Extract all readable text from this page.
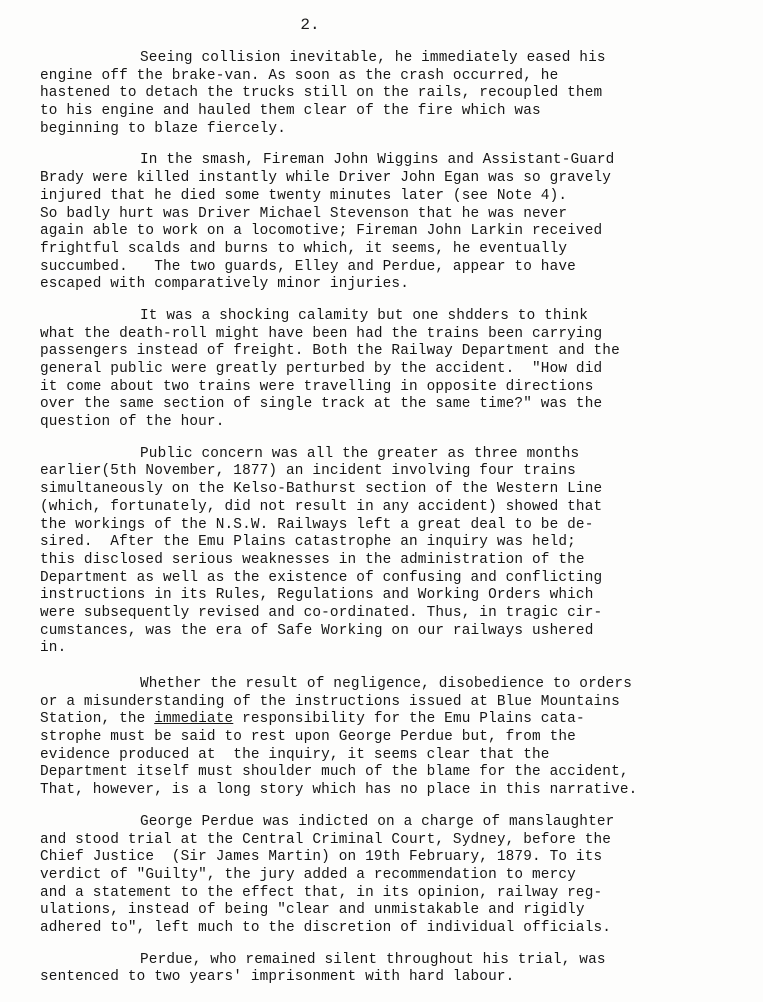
2.
Seeing collision inevitable, he immediately eased his
engine off the brake-van. As soon as the crash occurred, he
hastened to detach the trucks still on the rails, recoupled them
to his engine and hauled them clear of the fire which was
beginning to blaze fiercely.
In the smash, Fireman John Wiggins and Assistant-Guard
Brady were killed instantly while Driver John Egan was so gravely
injured that he died some twenty minutes later (see Note 4).
So badly hurt was Driver Michael Stevenson that he was never
again able to work on a locomotive; Fireman John Larkin received
frightful scalds and burns to which, it seems, he eventually
succumbed.   The two guards, Elley and Perdue, appear to have
escaped with comparatively minor injuries.
It was a shocking calamity but one shdders to think
what the death-roll might have been had the trains been carrying
passengers instead of freight. Both the Railway Department and the
general public were greatly perturbed by the accident.  "How did
it come about two trains were travelling in opposite directions
over the same section of single track at the same time?" was the
question of the hour.
Public concern was all the greater as three months
earlier(5th November, 1877) an incident involving four trains
simultaneously on the Kelso-Bathurst section of the Western Line
(which, fortunately, did not result in any accident) showed that
the workings of the N.S.W. Railways left a great deal to be de-
sired.  After the Emu Plains catastrophe an inquiry was held;
this disclosed serious weaknesses in the administration of the
Department as well as the existence of confusing and conflicting
instructions in its Rules, Regulations and Working Orders which
were subsequently revised and co-ordinated. Thus, in tragic cir-
cumstances, was the era of Safe Working on our railways ushered
in.
Whether the result of negligence, disobedience to orders
or a misunderstanding of the instructions issued at Blue Mountains
Station, the immediate responsibility for the Emu Plains cata-
strophe must be said to rest upon George Perdue but, from the
evidence produced at  the inquiry, it seems clear that the
Department itself must shoulder much of the blame for the accident,
That, however, is a long story which has no place in this narrative.
George Perdue was indicted on a charge of manslaughter
and stood trial at the Central Criminal Court, Sydney, before the
Chief Justice  (Sir James Martin) on 19th February, 1879. To its
verdict of "Guilty", the jury added a recommendation to mercy
and a statement to the effect that, in its opinion, railway reg-
ulations, instead of being "clear and unmistakable and rigidly
adhered to", left much to the discretion of individual officials.
Perdue, who remained silent throughout his trial, was
sentenced to two years' imprisonment with hard labour.
